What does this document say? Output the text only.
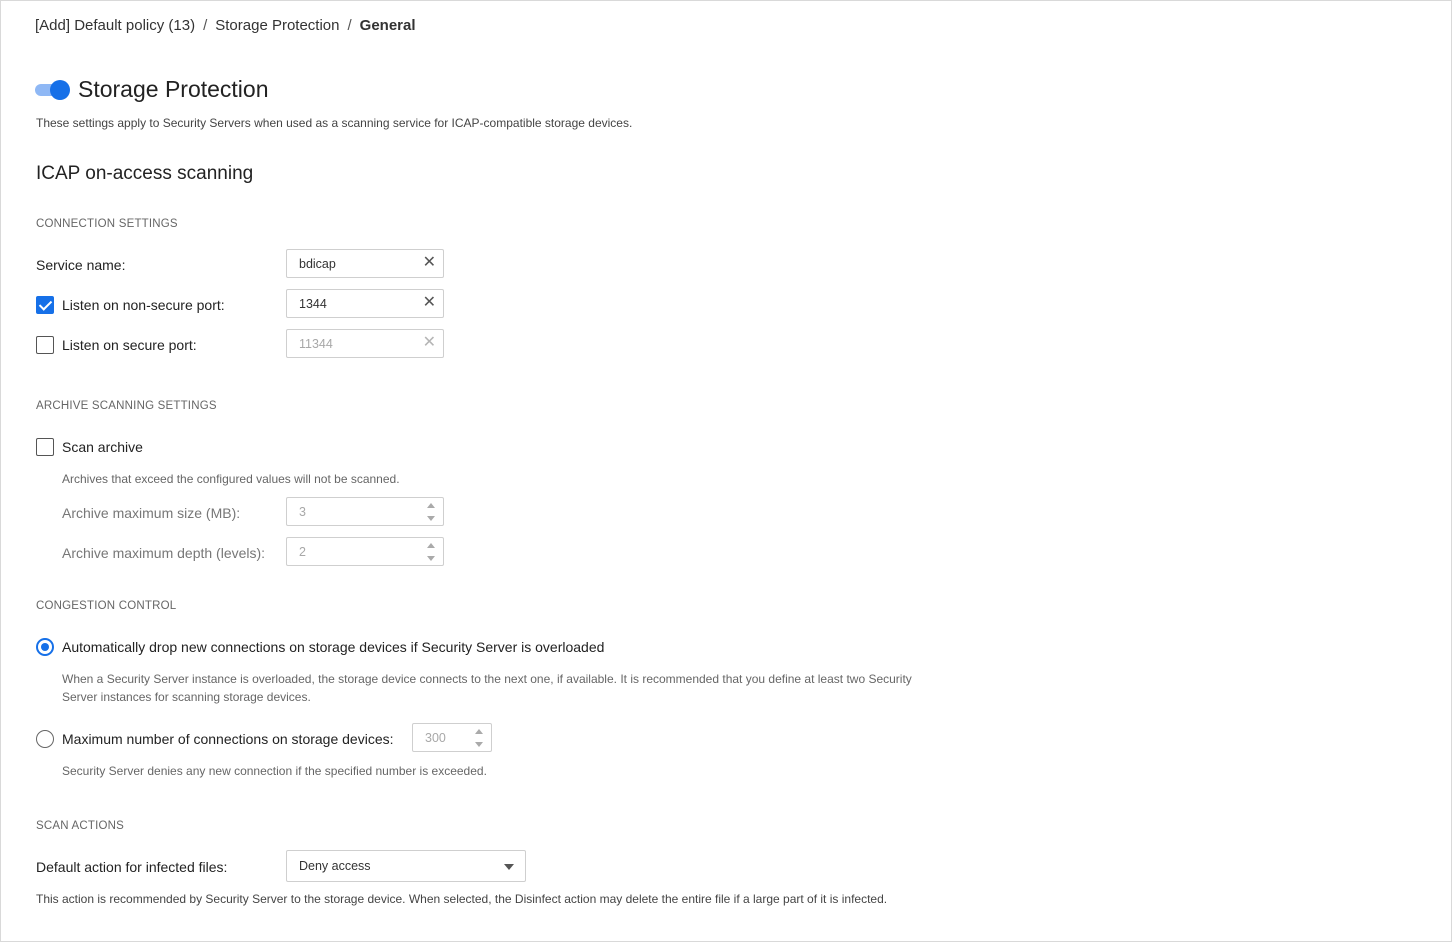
[Add] Default policy (13) / Storage Protection / General
Storage Protection
These settings apply to Security Servers when used as a scanning service for ICAP-compatible storage devices.
ICAP on-access scanning
CONNECTION SETTINGS
Service name:	bdicap	✕
Listen on non-secure port:	1344	✕
Listen on secure port:	11344	✕
ARCHIVE SCANNING SETTINGS
Scan archive
Archives that exceed the configured values will not be scanned.
Archive maximum size (MB):	3
Archive maximum depth (levels):	2
CONGESTION CONTROL
Automatically drop new connections on storage devices if Security Server is overloaded
When a Security Server instance is overloaded, the storage device connects to the next one, if available. It is recommended that you define at least two Security Server instances for scanning storage devices.
Maximum number of connections on storage devices:	300
Security Server denies any new connection if the specified number is exceeded.
SCAN ACTIONS
Default action for infected files:	Deny access
This action is recommended by Security Server to the storage device. When selected, the Disinfect action may delete the entire file if a large part of it is infected.
